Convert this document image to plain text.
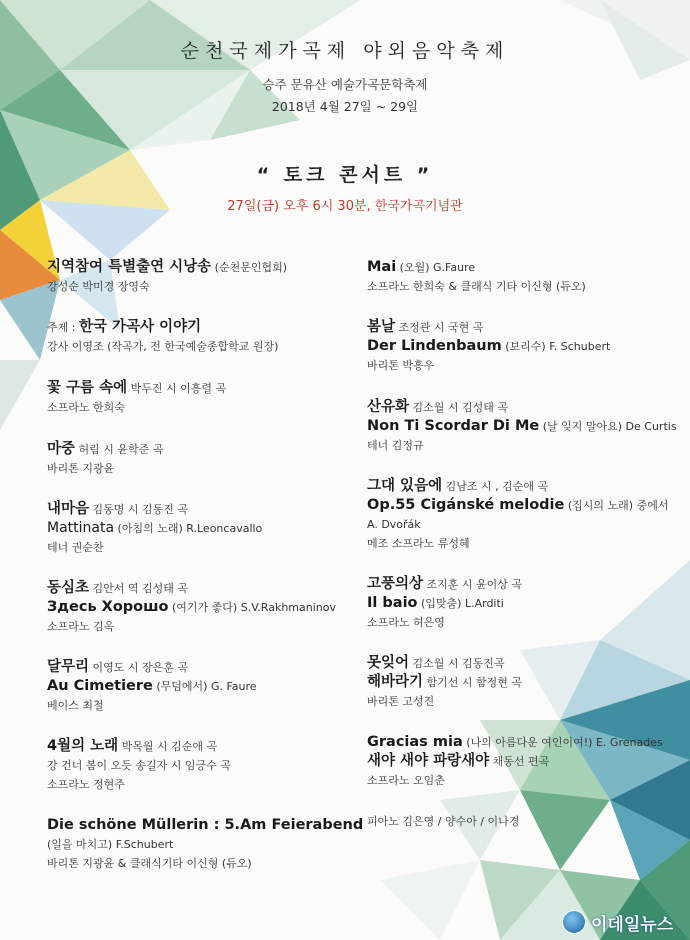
순천국제가곡제 야외음악축제
승주 문유산 예술가곡문학축제
2018년 4월 27일 ~ 29일
“ 토크 콘서트 ”
27일(금) 오후 6시 30분, 한국가곡기념관
지역참여 특별출연 시낭송 (순천문인협회)
강성순 박미경 장영숙
주제 : 한국 가곡사 이야기
강사 이영조 (작곡가, 전 한국예술종합학교 원장)
꽃 구름 속에 박두진 시 이흥렬 곡
소프라노 한희숙
마중 허림 시 윤학준 곡
바리톤 지광윤
내마음 김동명 시 김동진 곡
Mattinata (아침의 노래) R.Leoncavallo
테너 권순찬
동심초 김안서 역 김성태 곡
Здесь Хорошо (여기가 좋다) S.V.Rakhmaninov
소프라노 김옥
달무리 이영도 시 장은훈 곡
Au Cimetiere (무덤에서) G. Faure
베이스 최철
4월의 노래 박목월 시 김순애 곡
강 건너 봄이 오듯 송길자 시 임긍수 곡
소프라노 정현주
Die schöne Müllerin : 5.Am Feierabend
(일을 마치고) F.Schubert
바리톤 지광윤 & 클래식기타 이신형 (듀오)
Mai (오월) G.Faure
소프라노 한희숙 & 클래식 기타 이신형 (듀오)
봄날 조정관 시 국현 곡
Der Lindenbaum (보리수) F. Schubert
바리톤 박흥우
산유화 김소월 시 김성태 곡
Non Ti Scordar Di Me (날 잊지 말아요) De Curtis
테너 김정규
그대 있음에 김남조 시 , 김순애 곡
Op.55 Cigánské melodie (집시의 노래) 중에서
A. Dvořák
메조 소프라노 류성혜
고풍의상 조지훈 시 윤이상 곡
Il baio (입맞춤) L.Arditi
소프라노 허은영
못잊어 김소월 시 김동진곡
해바라기 함기선 시 함정현 곡
바리톤 고성진
Gracias mia (나의 아름다운 여인이여!) E. Grenades
새야 새야 파랑새야 채동선 편곡
소프라노 오임춘
피아노 김은영 / 양수아 / 이나경
이데일뉴스
